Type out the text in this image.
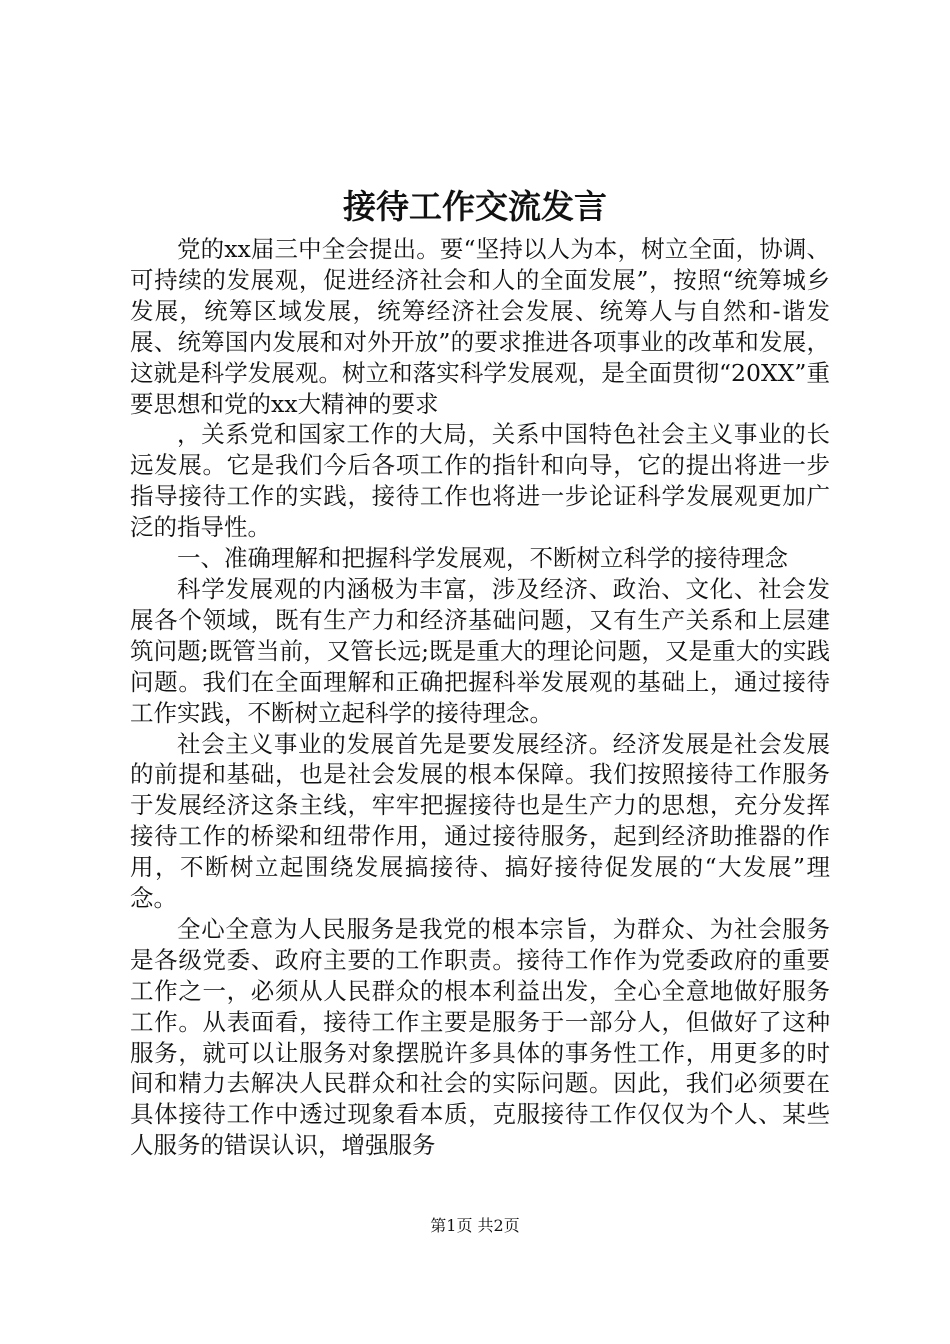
接待工作交流发言

党的xx届三中全会提出。要“坚持以人为本，树立全面，协调、可持续的发展观，促进经济社会和人的全面发展”，按照“统筹城乡发展，统筹区域发展，统筹经济社会发展、统筹人与自然和-谐发展、统筹国内发展和对外开放”的要求推进各项事业的改革和发展，这就是科学发展观。树立和落实科学发展观，是全面贯彻“20XX”重要思想和党的xx大精神的要求

，关系党和国家工作的大局，关系中国特色社会主义事业的长远发展。它是我们今后各项工作的指针和向导，它的提出将进一步指导接待工作的实践，接待工作也将进一步论证科学发展观更加广泛的指导性。

一、准确理解和把握科学发展观，不断树立科学的接待理念

科学发展观的内涵极为丰富，涉及经济、政治、文化、社会发展各个领域，既有生产力和经济基础问题，又有生产关系和上层建筑问题;既管当前，又管长远;既是重大的理论问题，又是重大的实践问题。我们在全面理解和正确把握科举发展观的基础上，通过接待工作实践，不断树立起科学的接待理念。

社会主义事业的发展首先是要发展经济。经济发展是社会发展的前提和基础，也是社会发展的根本保障。我们按照接待工作服务于发展经济这条主线，牢牢把握接待也是生产力的思想，充分发挥接待工作的桥梁和纽带作用，通过接待服务，起到经济助推器的作用，不断树立起围绕发展搞接待、搞好接待促发展的“大发展”理念。

全心全意为人民服务是我党的根本宗旨，为群众、为社会服务是各级党委、政府主要的工作职责。接待工作作为党委政府的重要工作之一，必须从人民群众的根本利益出发，全心全意地做好服务工作。从表面看，接待工作主要是服务于一部分人，但做好了这种服务，就可以让服务对象摆脱许多具体的事务性工作，用更多的时间和精力去解决人民群众和社会的实际问题。因此，我们必须要在具体接待工作中透过现象看本质，克服接待工作仅仅为个人、某些人服务的错误认识，增强服务

第1页 共2页
